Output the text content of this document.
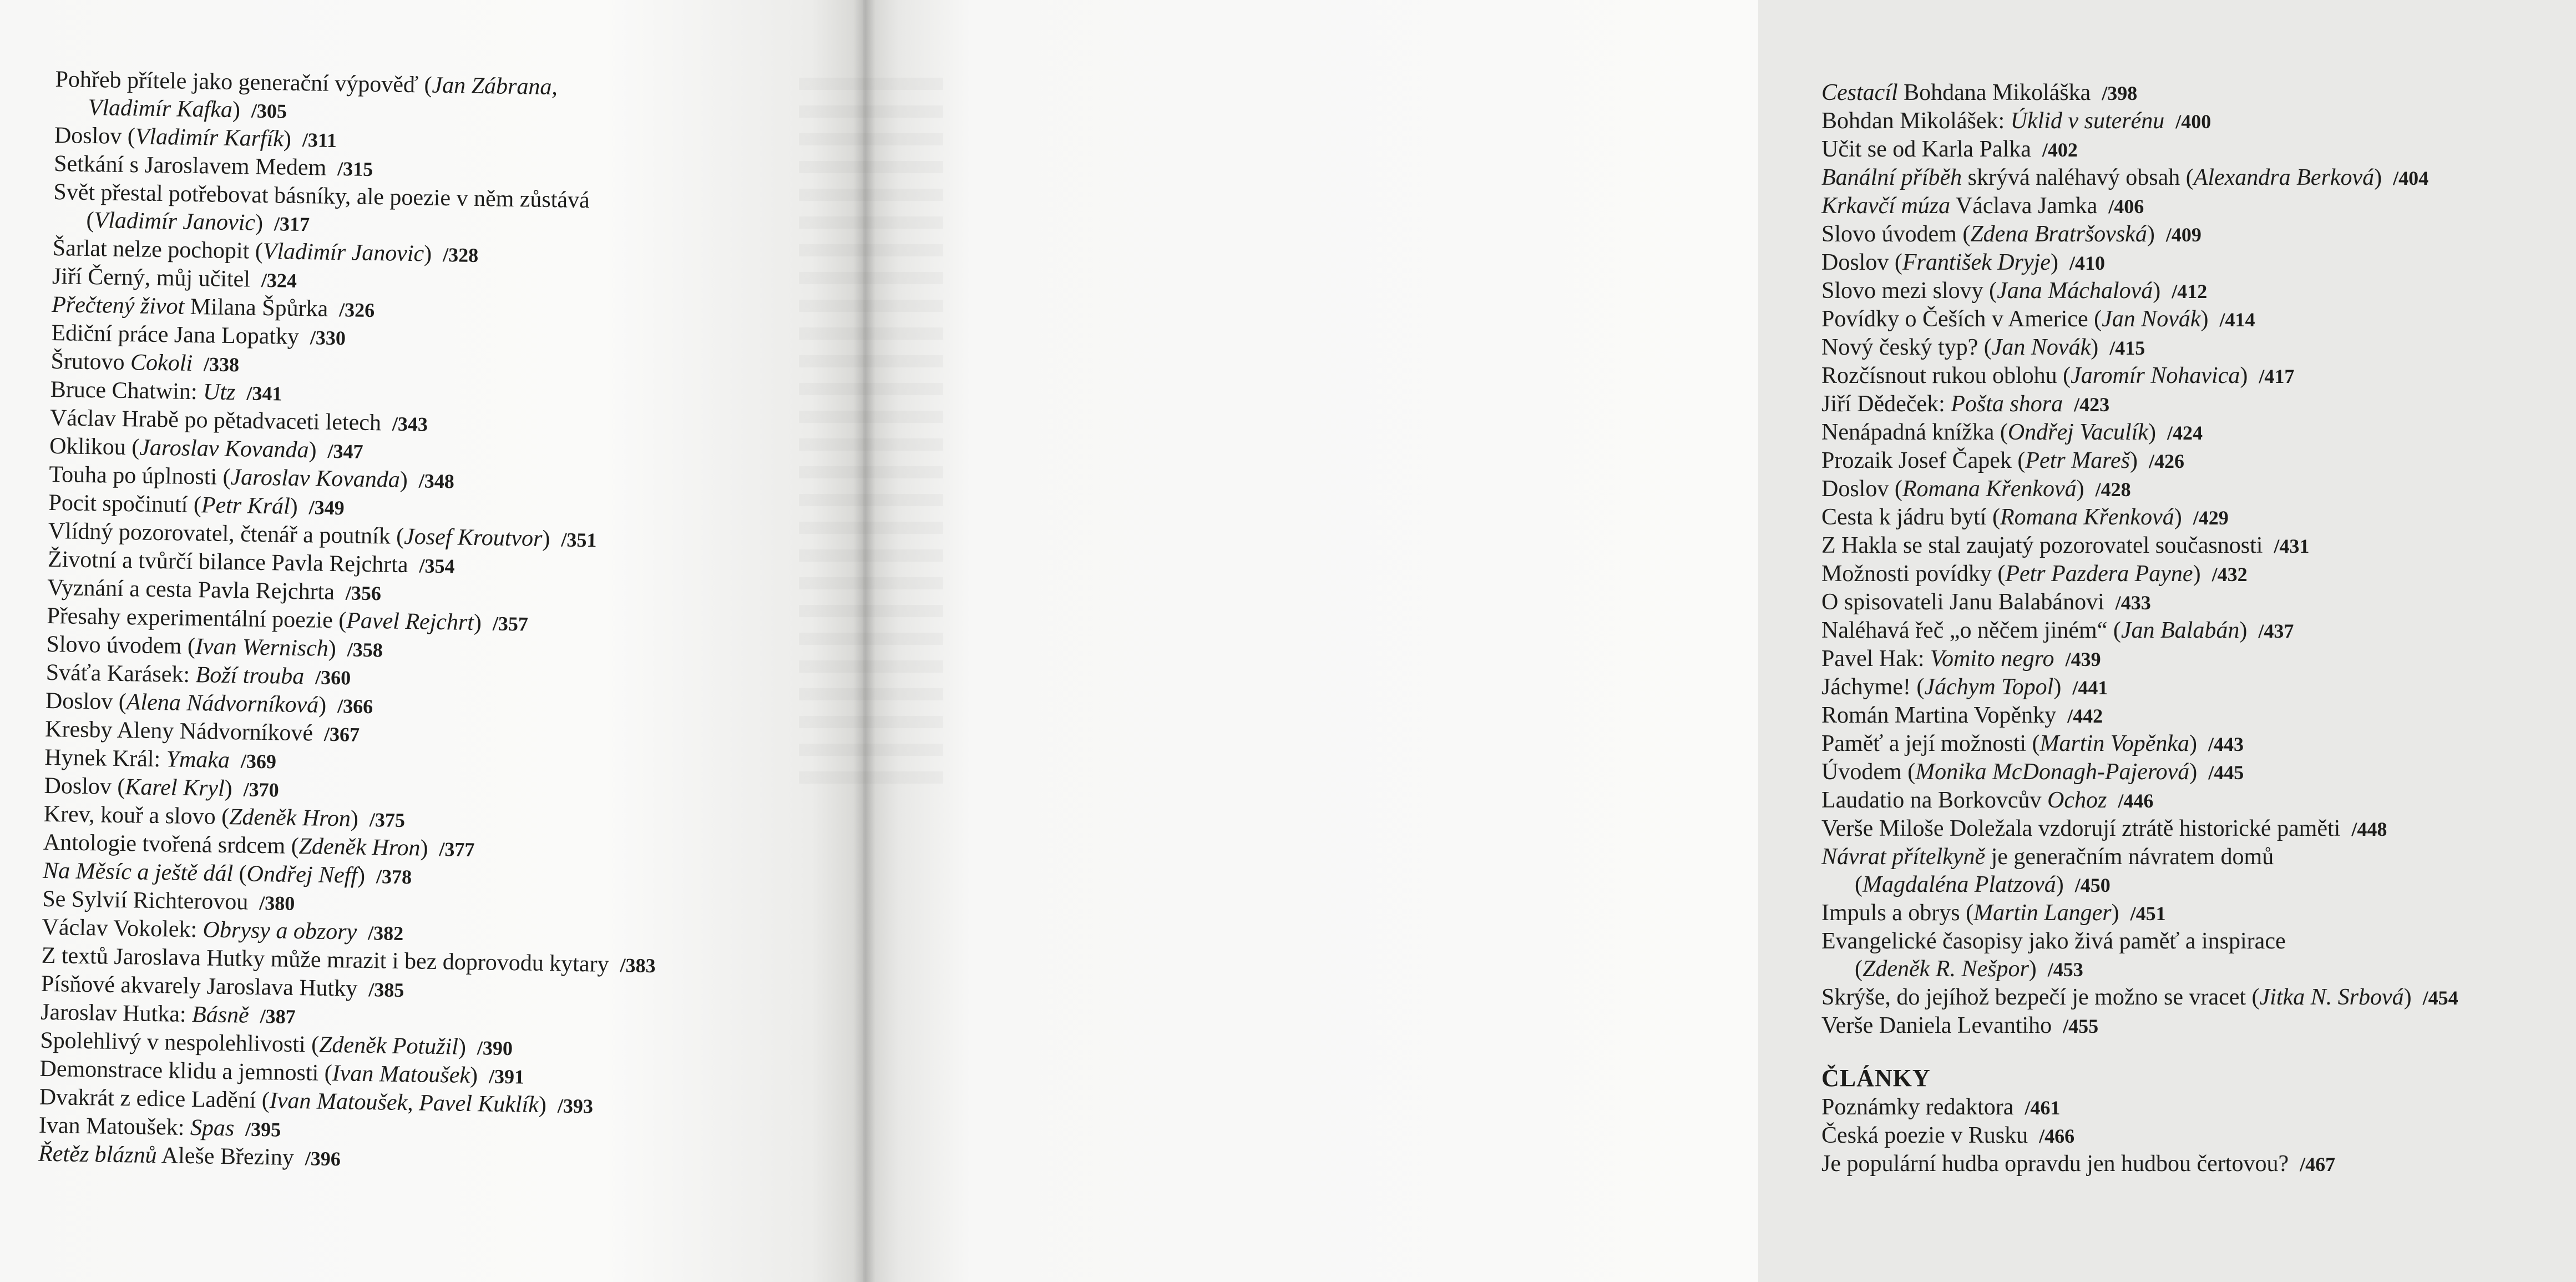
Pohřeb přítele jako generační výpověď (Jan Zábrana,
Vladimír Kafka) /305
Doslov (Vladimír Karfík) /311
Setkání s Jaroslavem Medem /315
Svět přestal potřebovat básníky, ale poezie v něm zůstává
(Vladimír Janovic) /317
Šarlat nelze pochopit (Vladimír Janovic) /328
Jiří Černý, můj učitel /324
Přečtený život Milana Špůrka /326
Ediční práce Jana Lopatky /330
Šrutovo Cokoli /338
Bruce Chatwin: Utz /341
Václav Hrabě po pětadvaceti letech /343
Oklikou (Jaroslav Kovanda) /347
Touha po úplnosti (Jaroslav Kovanda) /348
Pocit spočinutí (Petr Král) /349
Vlídný pozorovatel, čtenář a poutník (Josef Kroutvor) /351
Životní a tvůrčí bilance Pavla Rejchrta /354
Vyznání a cesta Pavla Rejchrta /356
Přesahy experimentální poezie (Pavel Rejchrt) /357
Slovo úvodem (Ivan Wernisch) /358
Sváťa Karásek: Boží trouba /360
Doslov (Alena Nádvorníková) /366
Kresby Aleny Nádvorníkové /367
Hynek Král: Ymaka /369
Doslov (Karel Kryl) /370
Krev, kouř a slovo (Zdeněk Hron) /375
Antologie tvořená srdcem (Zdeněk Hron) /377
Na Měsíc a ještě dál (Ondřej Neff) /378
Se Sylvií Richterovou /380
Václav Vokolek: Obrysy a obzory /382
Z textů Jaroslava Hutky může mrazit i bez doprovodu kytary /383
Písňové akvarely Jaroslava Hutky /385
Jaroslav Hutka: Básně /387
Spolehlivý v nespolehlivosti (Zdeněk Potužil) /390
Demonstrace klidu a jemnosti (Ivan Matoušek) /391
Dvakrát z edice Ladění (Ivan Matoušek, Pavel Kuklík) /393
Ivan Matoušek: Spas /395
Řetěz bláznů Aleše Březiny /396
Cestacíl Bohdana Mikoláška /398
Bohdan Mikolášek: Úklid v suterénu /400
Učit se od Karla Palka /402
Banální příběh skrývá naléhavý obsah (Alexandra Berková) /404
Krkavčí múza Václava Jamka /406
Slovo úvodem (Zdena Bratršovská) /409
Doslov (František Dryje) /410
Slovo mezi slovy (Jana Máchalová) /412
Povídky o Češích v Americe (Jan Novák) /414
Nový český typ? (Jan Novák) /415
Rozčísnout rukou oblohu (Jaromír Nohavica) /417
Jiří Dědeček: Pošta shora /423
Nenápadná knížka (Ondřej Vaculík) /424
Prozaik Josef Čapek (Petr Mareš) /426
Doslov (Romana Křenková) /428
Cesta k jádru bytí (Romana Křenková) /429
Z Hakla se stal zaujatý pozorovatel současnosti /431
Možnosti povídky (Petr Pazdera Payne) /432
O spisovateli Janu Balabánovi /433
Naléhavá řeč „o něčem jiném“ (Jan Balabán) /437
Pavel Hak: Vomito negro /439
Jáchyme! (Jáchym Topol) /441
Román Martina Vopěnky /442
Paměť a její možnosti (Martin Vopěnka) /443
Úvodem (Monika McDonagh-Pajerová) /445
Laudatio na Borkovcův Ochoz /446
Verše Miloše Doležala vzdorují ztrátě historické paměti /448
Návrat přítelkyně je generačním návratem domů
(Magdaléna Platzová) /450
Impuls a obrys (Martin Langer) /451
Evangelické časopisy jako živá paměť a inspirace
(Zdeněk R. Nešpor) /453
Skrýše, do jejíhož bezpečí je možno se vracet (Jitka N. Srbová) /454
Verše Daniela Levantiho /455
ČLÁNKY
Poznámky redaktora /461
Česká poezie v Rusku /466
Je populární hudba opravdu jen hudbou čertovou? /467
